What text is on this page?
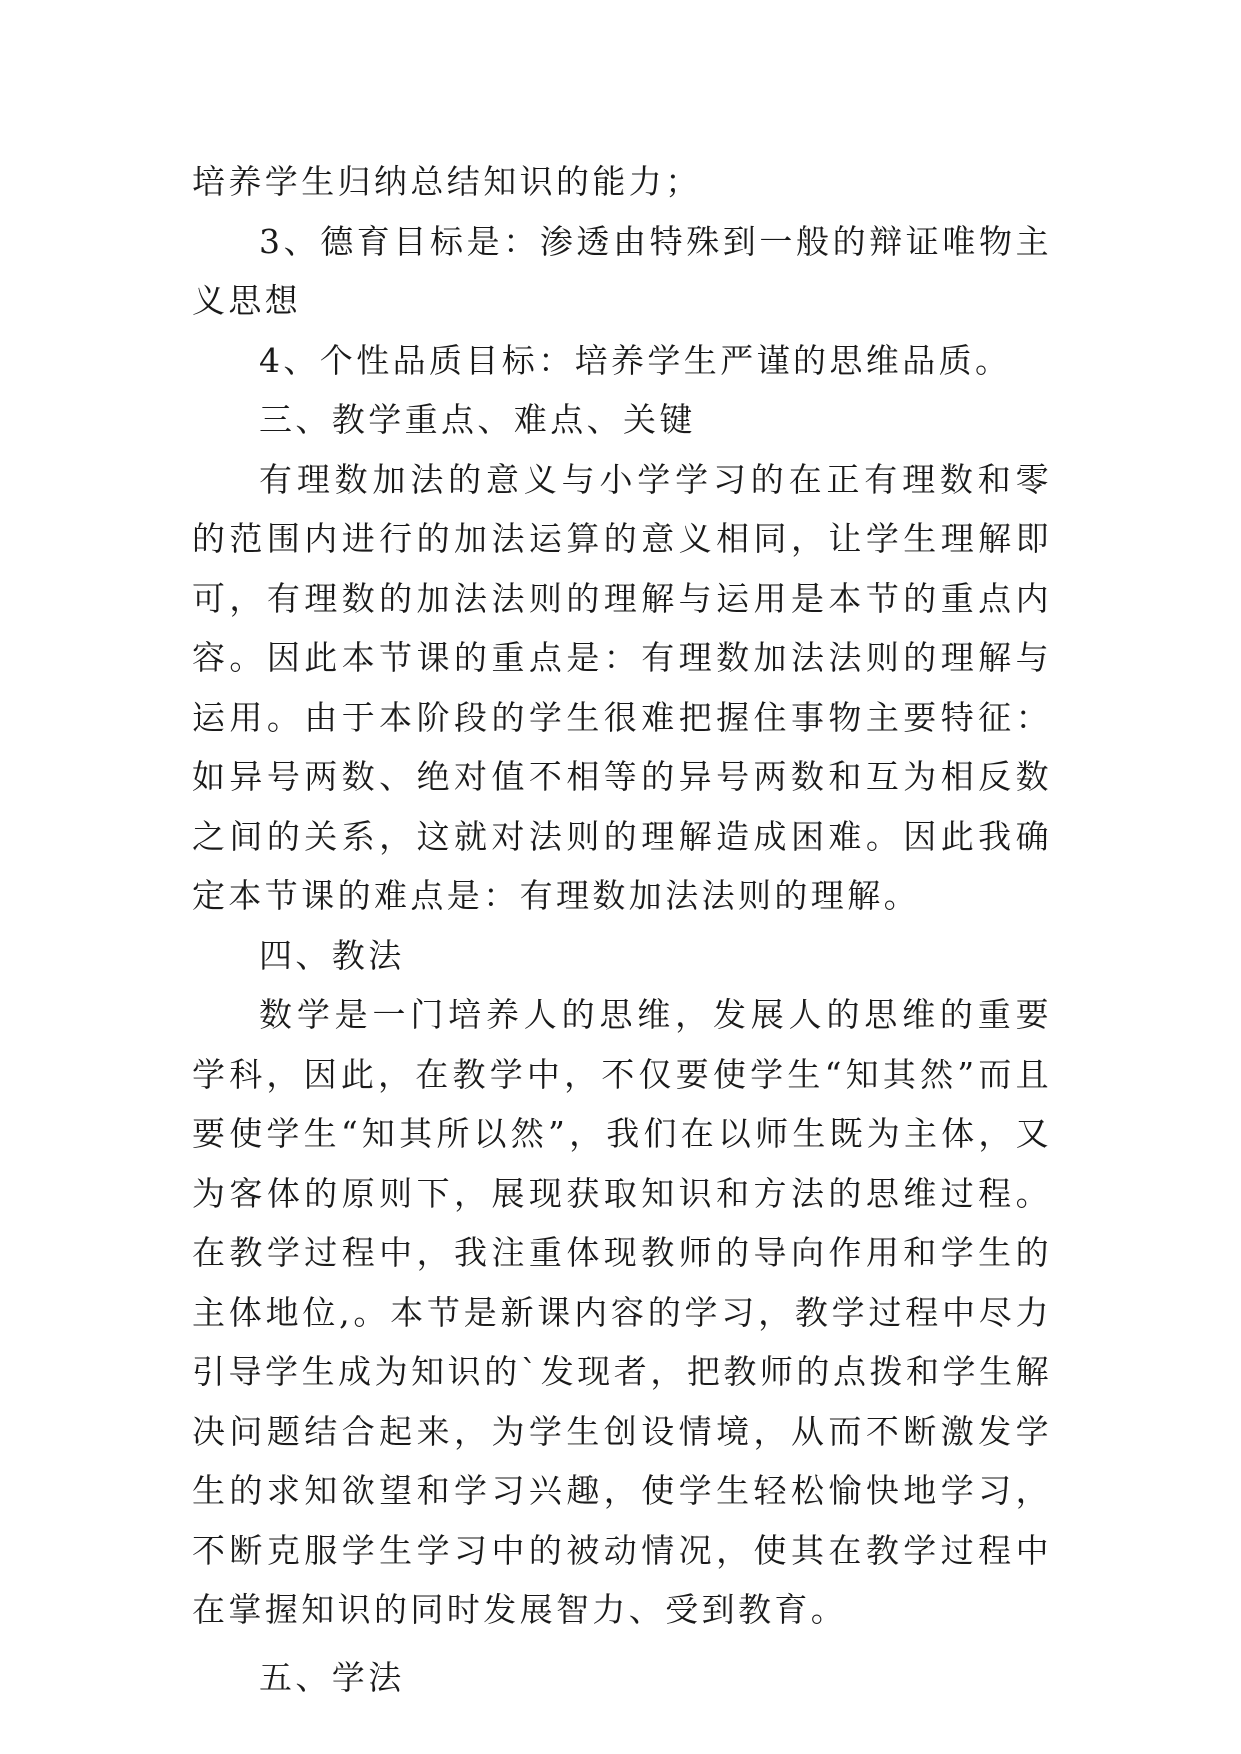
培养学生归纳总结知识的能力；

3、德育目标是：渗透由特殊到一般的辩证唯物主义思想

4、个性品质目标：培养学生严谨的思维品质。

三、教学重点、难点、关键

有理数加法的意义与小学学习的在正有理数和零的范围内进行的加法运算的意义相同，让学生理解即可，有理数的加法法则的理解与运用是本节的重点内容。因此本节课的重点是：有理数加法法则的理解与运用。由于本阶段的学生很难把握住事物主要特征：如异号两数、绝对值不相等的异号两数和互为相反数之间的关系，这就对法则的理解造成困难。因此我确定本节课的难点是：有理数加法法则的理解。

四、教法

数学是一门培养人的思维，发展人的思维的重要学科，因此，在教学中，不仅要使学生“知其然”而且要使学生“知其所以然”，我们在以师生既为主体，又为客体的原则下，展现获取知识和方法的思维过程。在教学过程中，我注重体现教师的导向作用和学生的主体地位,。本节是新课内容的学习，教学过程中尽力引导学生成为知识的`发现者，把教师的点拨和学生解决问题结合起来，为学生创设情境，从而不断激发学生的求知欲望和学习兴趣，使学生轻松愉快地学习，不断克服学生学习中的被动情况，使其在教学过程中在掌握知识的同时发展智力、受到教育。

五、学法
